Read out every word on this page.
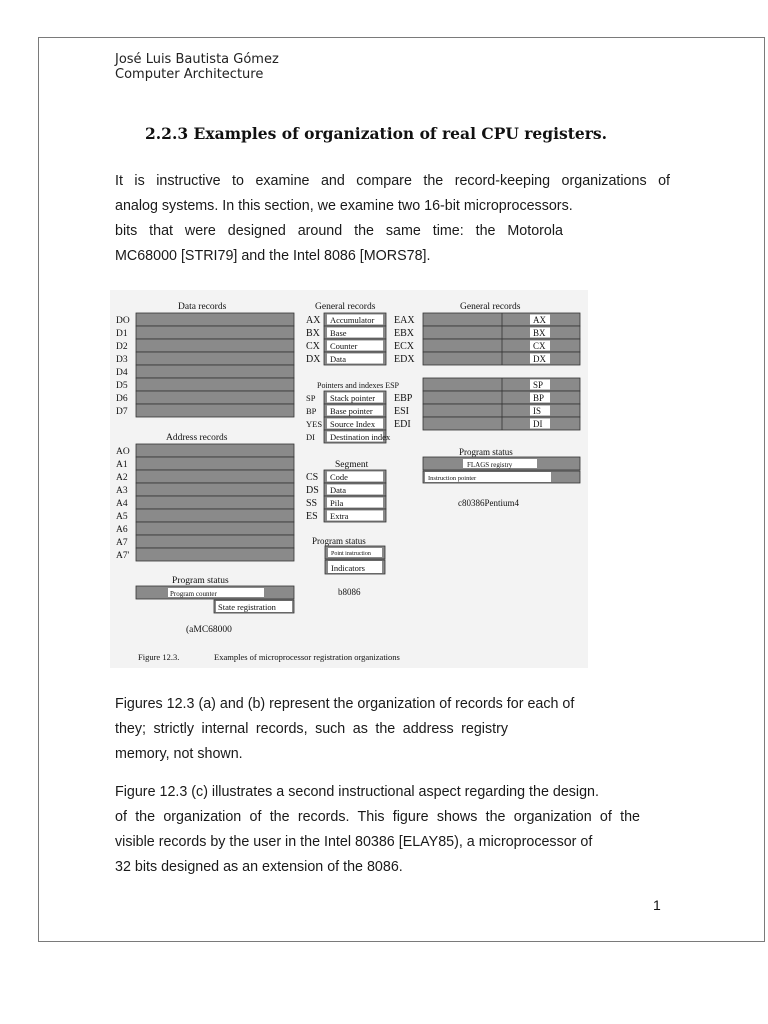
José Luis Bautista Gómez
Computer Architecture
2.2.3 Examples of organization of real CPU registers.
It is instructive to examine and compare the record-keeping organizations of
analog systems. In this section, we examine two 16-bit microprocessors.
bits that were designed around the same time: the Motorola
MC68000 [STRI79] and the Intel 8086 [MORS78].
Data records
DO
D1
D2
D3
D4
D5
D6
D7
Address records
AO
A1
A2
A3
A4
A5
A6
A7
A7'
Program status
Program counter
State registration
(aMC68000
General records
AX Accumulator
BX Base
CX Counter
DX Data
Pointers and indexes ESP
SP Stack pointer
BP Base pointer
YES Source Index
DI Destination index
Segment
CS Code
DS Data
SS Pila
ES Extra
Program status
Point instruction
Indicators
b8086
General records
EAX	AX
EBX	BX
ECX	CX
EDX	DX
SP
EBP	BP
ESI	IS
EDI	DI
Program status
FLAGS registry
Instruction pointer
c80386Pentium4
Figure 12.3.	Examples of microprocessor registration organizations
Figures 12.3 (a) and (b) represent the organization of records for each of
they; strictly internal records, such as the address registry
memory, not shown.
Figure 12.3 (c) illustrates a second instructional aspect regarding the design.
of the organization of the records. This figure shows the organization of the
visible records by the user in the Intel 80386 [ELAY85), a microprocessor of
32 bits designed as an extension of the 8086.
1
